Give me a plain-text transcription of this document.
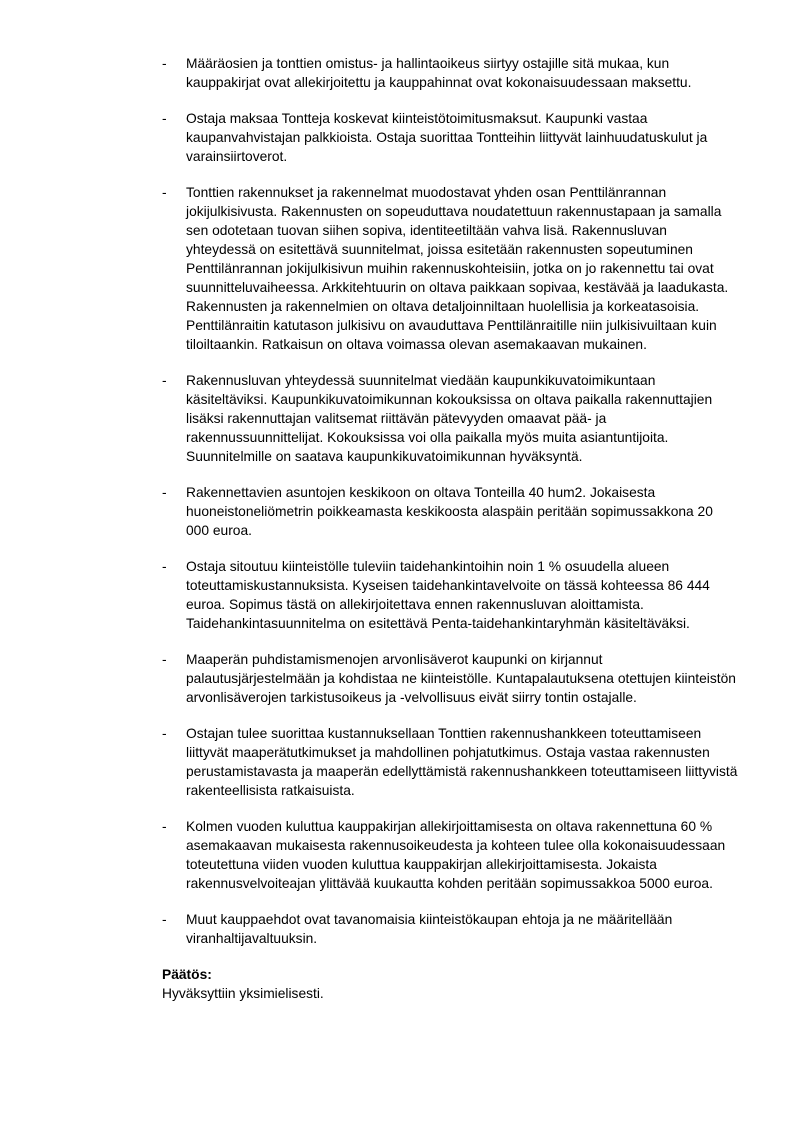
-	Määräosien ja tonttien omistus- ja hallintaoikeus siirtyy ostajille sitä mukaa, kun kauppakirjat ovat allekirjoitettu ja kauppahinnat ovat kokonaisuudessaan maksettu.
-	Ostaja maksaa Tontteja koskevat kiinteistötoimitusmaksut. Kaupunki vastaa kaupanvahvistajan palkkioista. Ostaja suorittaa Tontteihin liittyvät lainhuudatuskulut ja varainsiirtoverot.
-	Tonttien rakennukset ja rakennelmat muodostavat yhden osan Penttilänrannan jokijulkisivusta. Rakennusten on sopeuduttava noudatettuun rakennustapaan ja samalla sen odotetaan tuovan siihen sopiva, identiteetiltään vahva lisä. Rakennusluvan yhteydessä on esitettävä suunnitelmat, joissa esitetään rakennusten sopeutuminen Penttilänrannan jokijulkisivun muihin rakennuskohteisiin, jotka on jo rakennettu tai ovat suunnitteluvaiheessa. Arkkitehtuurin on oltava paikkaan sopivaa, kestävää ja laadukasta. Rakennusten ja rakennelmien on oltava detaljoinniltaan huolellisia ja korkeatasoisia. Penttilänraitin katutason julkisivu on avauduttava Penttilänraitille niin julkisivuiltaan kuin tiloiltaankin. Ratkaisun on oltava voimassa olevan asemakaavan mukainen.
-	Rakennusluvan yhteydessä suunnitelmat viedään kaupunkikuvatoimikuntaan käsiteltäviksi. Kaupunkikuvatoimikunnan kokouksissa on oltava paikalla rakennuttajien lisäksi rakennuttajan valitsemat riittävän pätevyyden omaavat pää- ja rakennussuunnittelijat. Kokouksissa voi olla paikalla myös muita asiantuntijoita. Suunnitelmille on saatava kaupunkikuvatoimikunnan hyväksyntä.
-	Rakennettavien asuntojen keskikoon on oltava Tonteilla 40 hum2. Jokaisesta huoneistoneliömetrin poikkeamasta keskikoosta alaspäin peritään sopimussakkona 20 000 euroa.
-	Ostaja sitoutuu kiinteistölle tuleviin taidehankintoihin noin 1 % osuudella alueen toteuttamiskustannuksista. Kyseisen taidehankintavelvoite on tässä kohteessa 86 444 euroa. Sopimus tästä on allekirjoitettava ennen rakennusluvan aloittamista. Taidehankintasuunnitelma on esitettävä Penta-taidehankintaryhmän käsiteltäväksi.
-	Maaperän puhdistamismenojen arvonlisäverot kaupunki on kirjannut palautusjärjestelmään ja kohdistaa ne kiinteistölle. Kuntapalautuksena otettujen kiinteistön arvonlisäverojen tarkistusoikeus ja -velvollisuus eivät siirry tontin ostajalle.
-	Ostajan tulee suorittaa kustannuksellaan Tonttien rakennushankkeen toteuttamiseen liittyvät maaperätutkimukset ja mahdollinen pohjatutkimus. Ostaja vastaa rakennusten perustamistavasta ja maaperän edellyttämistä rakennushankkeen toteuttamiseen liittyvistä rakenteellisista ratkaisuista.
-	Kolmen vuoden kuluttua kauppakirjan allekirjoittamisesta on oltava rakennettuna 60 % asemakaavan mukaisesta rakennusoikeudesta ja kohteen tulee olla kokonaisuudessaan toteutettuna viiden vuoden kuluttua kauppakirjan allekirjoittamisesta. Jokaista rakennusvelvoiteajan ylittävää kuukautta kohden peritään sopimussakkoa 5000 euroa.
-	Muut kauppaehdot ovat tavanomaisia kiinteistökaupan ehtoja ja ne määritellään viranhaltijavaltuuksin.
Päätös:
Hyväksyttiin yksimielisesti.
